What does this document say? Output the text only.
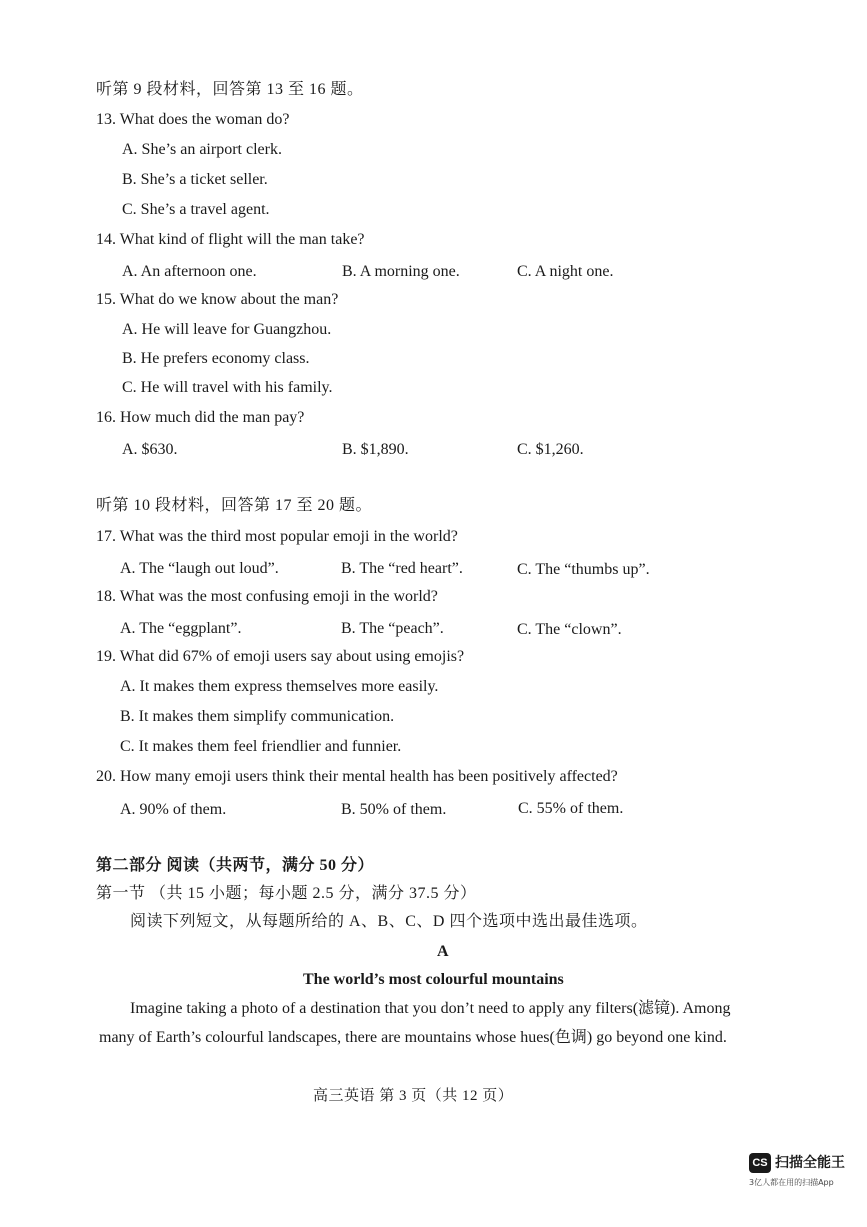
听第 9 段材料，回答第 13 至 16 题。
13. What does the woman do?
A. She’s an airport clerk.
B. She’s a ticket seller.
C. She’s a travel agent.
14. What kind of flight will the man take?
A. An afternoon one.	B. A morning one.	C. A night one.
15. What do we know about the man?
A. He will leave for Guangzhou.
B. He prefers economy class.
C. He will travel with his family.
16. How much did the man pay?
A. $630.	B. $1,890.	C. $1,260.
听第 10 段材料，回答第 17 至 20 题。
17. What was the third most popular emoji in the world?
A. The “laugh out loud”.	B. The “red heart”.	C. The “thumbs up”.
18. What was the most confusing emoji in the world?
A. The “eggplant”.	B. The “peach”.	C. The “clown”.
19. What did 67% of emoji users say about using emojis?
A. It makes them express themselves more easily.
B. It makes them simplify communication.
C. It makes them feel friendlier and funnier.
20. How many emoji users think their mental health has been positively affected?
A. 90% of them.	B. 50% of them.	C. 55% of them.
第二部分 阅读（共两节，满分 50 分）
第一节 （共 15 小题；每小题 2.5 分，满分 37.5 分）
阅读下列短文，从每题所给的 A、B、C、D 四个选项中选出最佳选项。
A
The world’s most colourful mountains
Imagine taking a photo of a destination that you don’t need to apply any filters(滤镜). Among
many of Earth’s colourful landscapes, there are mountains whose hues(色调) go beyond one kind.
高三英语 第 3 页（共 12 页）
CS 扫描全能王
3亿人都在用的扫描App
